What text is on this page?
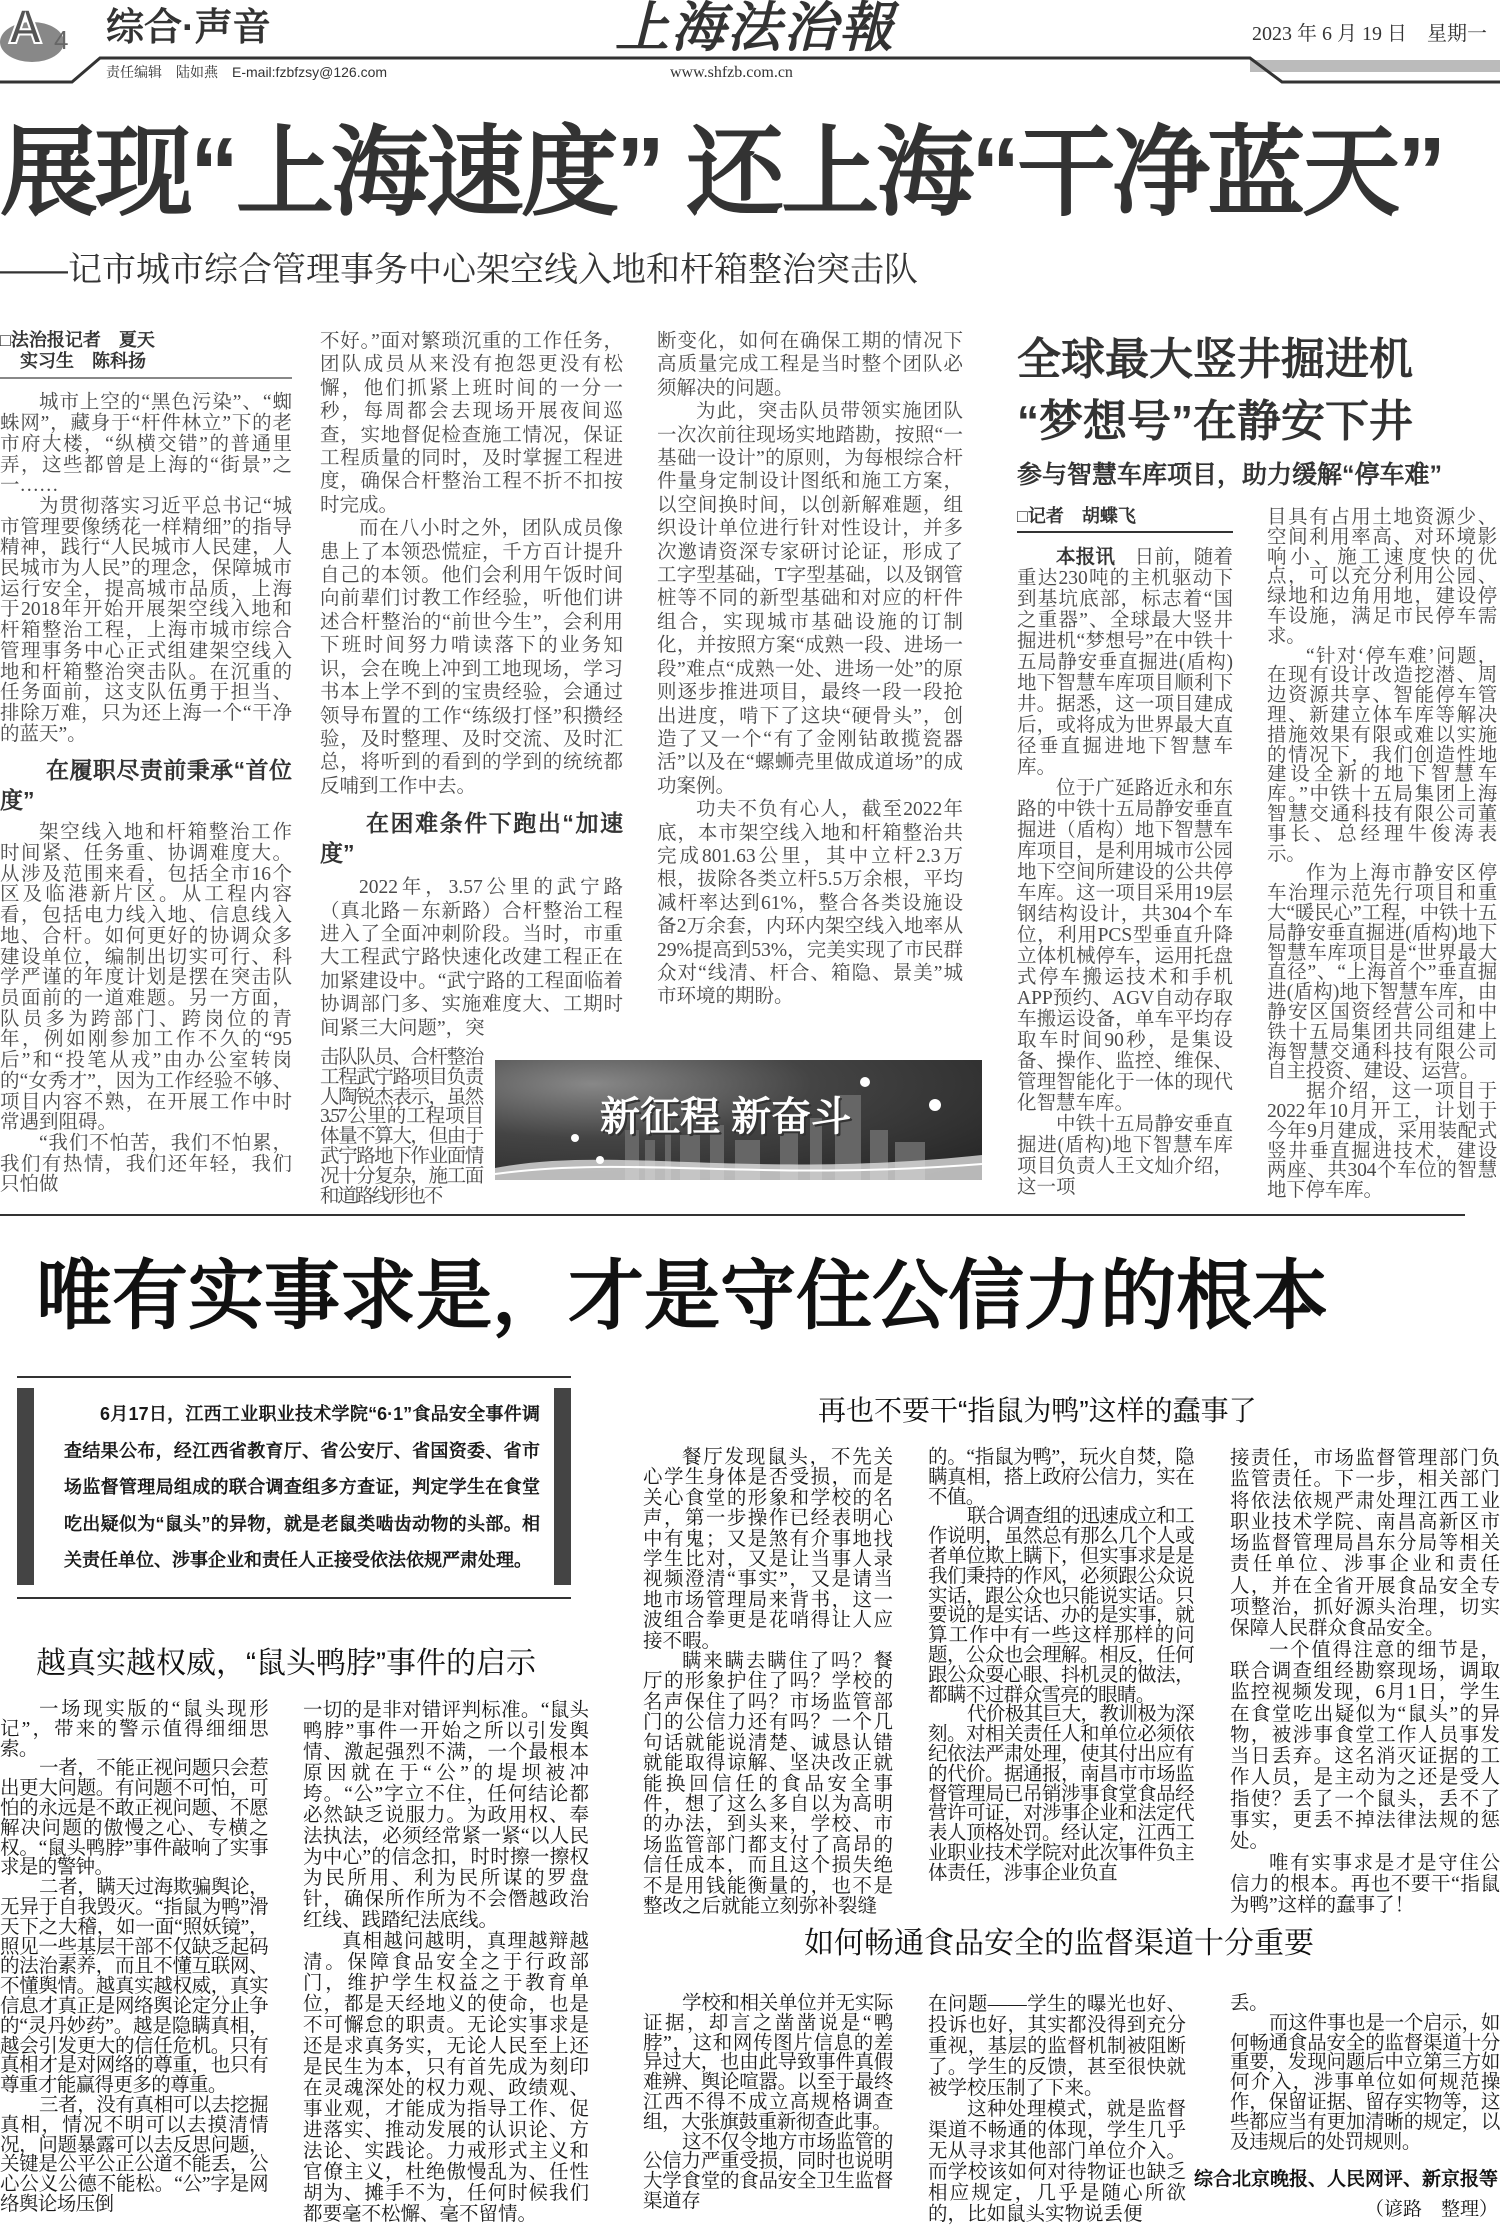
A 4 综合·声音
责任编辑　陆如燕　E-mail:fzbfzsy@126.com
上海法治報
www.shfzb.com.cn
2023 年 6 月 19 日　星期一
展现“上海速度” 还上海“干净蓝天”
——记市城市综合管理事务中心架空线入地和杆箱整治突击队
□法治报记者　夏天
实习生　陈科扬

城市上空的“黑色污染”、“蜘蛛网”，藏身于“杆件林立”下的老市府大楼，“纵横交错”的普通里弄，这些都曾是上海的“街景”之一……

为贯彻落实习近平总书记“城市管理要像绣花一样精细”的指导精神，践行“人民城市人民建，人民城市为人民”的理念，保障城市运行安全，提高城市品质，上海于2018年开始开展架空线入地和杆箱整治工程，上海市城市综合管理事务中心正式组建架空线入地和杆箱整治突击队。在沉重的任务面前，这支队伍勇于担当、排除万难，只为还上海一个“干净的蓝天”。

在履职尽责前秉承“首位度”

架空线入地和杆箱整治工作时间紧、任务重、协调难度大。从涉及范围来看，包括全市16个区及临港新片区。从工程内容看，包括电力线入地、信息线入地、合杆。如何更好的协调众多建设单位，编制出切实可行、科学严谨的年度计划是摆在突击队员面前的一道难题。另一方面，队员多为跨部门、跨岗位的青年，例如刚参加工作不久的“95后”和“投笔从戎”由办公室转岗的“女秀才”，因为工作经验不够、项目内容不熟，在开展工作中时常遇到阻碍。

“我们不怕苦，我们不怕累，我们有热情，我们还年轻，我们只怕做

不好。”面对繁琐沉重的工作任务，团队成员从来没有抱怨更没有松懈，他们抓紧上班时间的一分一秒，每周都会去现场开展夜间巡查，实地督促检查施工情况，保证工程质量的同时，及时掌握工程进度，确保合杆整治工程不折不扣按时完成。

而在八小时之外，团队成员像患上了本领恐慌症，千方百计提升自己的本领。他们会利用午饭时间向前辈们讨教工作经验，听他们讲述合杆整治的“前世今生”，会利用下班时间努力啃读落下的业务知识，会在晚上冲到工地现场，学习书本上学不到的宝贵经验，会通过领导布置的工作“练级打怪”积攒经验，及时整理、及时交流、及时汇总，将听到的看到的学到的统统都反哺到工作中去。

在困难条件下跑出“加速度”

2022年，3.57公里的武宁路（真北路－东新路）合杆整治工程进入了全面冲刺阶段。当时，市重大工程武宁路快速化改建工程正在加紧建设中。“武宁路的工程面临着协调部门多、实施难度大、工期时间紧三大问题”，突

击队队员、合杆整治工程武宁路项目负责人陶锐杰表示，虽然3.57公里的工程项目体量不算大，但由于武宁路地下作业面情况十分复杂，施工面和道路线形也不

断变化，如何在确保工期的情况下高质量完成工程是当时整个团队必须解决的问题。

为此，突击队员带领实施团队一次次前往现场实地踏勘，按照“一基础一设计”的原则，为每根综合杆件量身定制设计图纸和施工方案，以空间换时间，以创新解难题，组织设计单位进行针对性设计，并多次邀请资深专家研讨论证，形成了工字型基础，T字型基础，以及钢管桩等不同的新型基础和对应的杆件组合，实现城市基础设施的订制化，并按照方案“成熟一段、进场一段”难点“成熟一处、进场一处”的原则逐步推进项目，最终一段一段抢出进度，啃下了这块“硬骨头”，创造了又一个“有了金刚钻敢揽瓷器活”以及在“螺蛳壳里做成道场”的成功案例。

功夫不负有心人，截至2022年底，本市架空线入地和杆箱整治共完成801.63公里，其中立杆2.3万根，拔除各类立杆5.5万余根，平均减杆率达到61%，整合各类设施设备2万余套，内环内架空线入地率从29%提高到53%，完美实现了市民群众对“线清、杆合、箱隐、景美”城市环境的期盼。

新征程 新奋斗
全球最大竖井掘进机
“梦想号”在静安下井
参与智慧车库项目，助力缓解“停车难”
□记者　胡蝶飞

本报讯 日前，随着重达230吨的主机驱动下到基坑底部，标志着“国之重器”、全球最大竖井掘进机“梦想号”在中铁十五局静安垂直掘进(盾构)地下智慧车库项目顺利下井。据悉，这一项目建成后，或将成为世界最大直径垂直掘进地下智慧车库。

位于广延路近永和东路的中铁十五局静安垂直掘进（盾构）地下智慧车库项目，是利用城市公园地下空间所建设的公共停车库。这一项目采用19层钢结构设计，共304个车位，利用PCS型垂直升降立体机械停车，运用托盘式停车搬运技术和手机APP预约、AGV自动存取车搬运设备，单车平均存取车时间90秒，是集设备、操作、监控、维保、管理智能化于一体的现代化智慧车库。

中铁十五局静安垂直掘进(盾构)地下智慧车库项目负责人王文灿介绍，这一项

目具有占用土地资源少、空间利用率高、对环境影响小、施工速度快的优点，可以充分利用公园、绿地和边角用地，建设停车设施，满足市民停车需求。

“针对‘停车难’问题，在现有设计改造挖潜、周边资源共享、智能停车管理、新建立体车库等解决措施效果有限或难以实施的情况下，我们创造性地建设全新的地下智慧车库。”中铁十五局集团上海智慧交通科技有限公司董事长、总经理牛俊涛表示。

作为上海市静安区停车治理示范先行项目和重大“暖民心”工程，中铁十五局静安垂直掘进(盾构)地下智慧车库项目是“世界最大直径”、“上海首个”垂直掘进(盾构)地下智慧车库，由静安区国资经营公司和中铁十五局集团共同组建上海智慧交通科技有限公司自主投资、建设、运营。

据介绍，这一项目于2022年10月开工，计划于今年9月建成，采用装配式竖井垂直掘进技术，建设两座、共304个车位的智慧地下停车库。

唯有实事求是，才是守住公信力的根本
6月17日，江西工业职业技术学院“6·1”食品安全事件调查结果公布，经江西省教育厅、省公安厅、省国资委、省市场监督管理局组成的联合调查组多方查证，判定学生在食堂吃出疑似为“鼠头”的异物，就是老鼠类啮齿动物的头部。相关责任单位、涉事企业和责任人正接受依法依规严肃处理。
越真实越权威，“鼠头鸭脖”事件的启示

一场现实版的“鼠头现形记”，带来的警示值得细细思索。

一者，不能正视问题只会惹出更大问题。有问题不可怕，可怕的永远是不敢正视问题、不愿解决问题的傲慢之心、专横之权。“鼠头鸭脖”事件敲响了实事求是的警钟。

二者，瞒天过海欺骗舆论，无异于自我毁灭。“指鼠为鸭”滑天下之大稽，如一面“照妖镜”，照见一些基层干部不仅缺乏起码的法治素养，而且不懂互联网、不懂舆情。越真实越权威，真实信息才真正是网络舆论定分止争的“灵丹妙药”。越是隐瞒真相，越会引发更大的信任危机。只有真相才是对网络的尊重，也只有尊重才能赢得更多的尊重。

三者，没有真相可以去挖掘真相，情况不明可以去摸清情况，问题暴露可以去反思问题，关键是公平公正公道不能丢，公心公义公德不能松。“公”字是网络舆论场压倒

一切的是非对错评判标准。“鼠头鸭脖”事件一开始之所以引发舆情、激起强烈不满，一个最根本原因就在于“公”的堤坝被冲垮。“公”字立不住，任何结论都必然缺乏说服力。为政用权、奉法执法，必须经常紧一紧“以人民为中心”的信念扣，时时擦一擦权为民所用、利为民所谋的罗盘针，确保所作所为不会僭越政治红线、践踏纪法底线。

真相越问越明，真理越辩越清。保障食品安全之于行政部门，维护学生权益之于教育单位，都是天经地义的使命，也是不可懈怠的职责。无论实事求是还是求真务实，无论人民至上还是民生为本，只有首先成为刻印在灵魂深处的权力观、政绩观、事业观，才能成为指导工作、促进落实、推动发展的认识论、方法论、实践论。力戒形式主义和官僚主义，杜绝傲慢乱为、任性胡为、摊手不为，任何时候我们都要毫不松懈、毫不留情。

再也不要干“指鼠为鸭”这样的蠢事了

餐厅发现鼠头，不先关心学生身体是否受损，而是关心食堂的形象和学校的名声，第一步操作已经表明心中有鬼；又是煞有介事地找学生比对，又是让当事人录视频澄清“事实”，又是请当地市场管理局来背书，这一波组合拳更是花哨得让人应接不暇。

瞒来瞒去瞒住了吗？餐厅的形象护住了吗？学校的名声保住了吗？市场监管部门的公信力还有吗？一个几句话就能说清楚、诚恳认错就能取得谅解、坚决改正就能换回信任的食品安全事件，想了这么多自以为高明的办法，到头来，学校、市场监管部门都支付了高昂的信任成本，而且这个损失绝不是用钱能衡量的，也不是整改之后就能立刻弥补裂缝

的。“指鼠为鸭”，玩火自焚，隐瞒真相，搭上政府公信力，实在不值。

联合调查组的迅速成立和工作说明，虽然总有那么几个人或者单位欺上瞒下，但实事求是是我们秉持的作风，必须跟公众说实话，跟公众也只能说实话。只要说的是实话、办的是实事，就算工作中有一些这样那样的问题，公众也会理解。相反，任何跟公众耍心眼、抖机灵的做法，都瞒不过群众雪亮的眼睛。

代价极其巨大，教训极为深刻。对相关责任人和单位必须依纪依法严肃处理，使其付出应有的代价。据通报，南昌市市场监督管理局已吊销涉事食堂食品经营许可证，对涉事企业和法定代表人顶格处罚。经认定，江西工业职业技术学院对此次事件负主体责任，涉事企业负直

接责任，市场监督管理部门负监管责任。下一步，相关部门将依法依规严肃处理江西工业职业技术学院、南昌高新区市场监督管理局昌东分局等相关责任单位、涉事企业和责任人，并在全省开展食品安全专项整治，抓好源头治理，切实保障人民群众食品安全。

一个值得注意的细节是，联合调查组经勘察现场，调取监控视频发现，6月1日，学生在食堂吃出疑似为“鼠头”的异物，被涉事食堂工作人员事发当日丢弃。这名消灭证据的工作人员，是主动为之还是受人指使？丢了一个鼠头，丢不了事实，更丢不掉法律法规的惩处。

唯有实事求是才是守住公信力的根本。再也不要干“指鼠为鸭”这样的蠢事了！

如何畅通食品安全的监督渠道十分重要

学校和相关单位并无实际证据，却言之凿凿说是“鸭脖”，这和网传图片信息的差异过大，也由此导致事件真假难辨、舆论喧嚣。以至于最终江西不得不成立高规格调查组，大张旗鼓重新彻查此事。

这不仅令地方市场监管的公信力严重受损，同时也说明大学食堂的食品安全卫生监督渠道存

在问题——学生的曝光也好、投诉也好，其实都没得到充分重视，基层的监督机制被阻断了。学生的反馈，甚至很快就被学校压制了下来。

这种处理模式，就是监督渠道不畅通的体现，学生几乎无从寻求其他部门单位介入。而学校该如何对待物证也缺乏相应规定，几乎是随心所欲的，比如鼠头实物说丢便

丢。

而这件事也是一个启示，如何畅通食品安全的监督渠道十分重要，发现问题后中立第三方如何介入，涉事单位如何规范操作，保留证据、留存实物等，这些都应当有更加清晰的规定，以及违规后的处罚规则。

综合北京晚报、人民网评、新京报等
（谚路　整理）
